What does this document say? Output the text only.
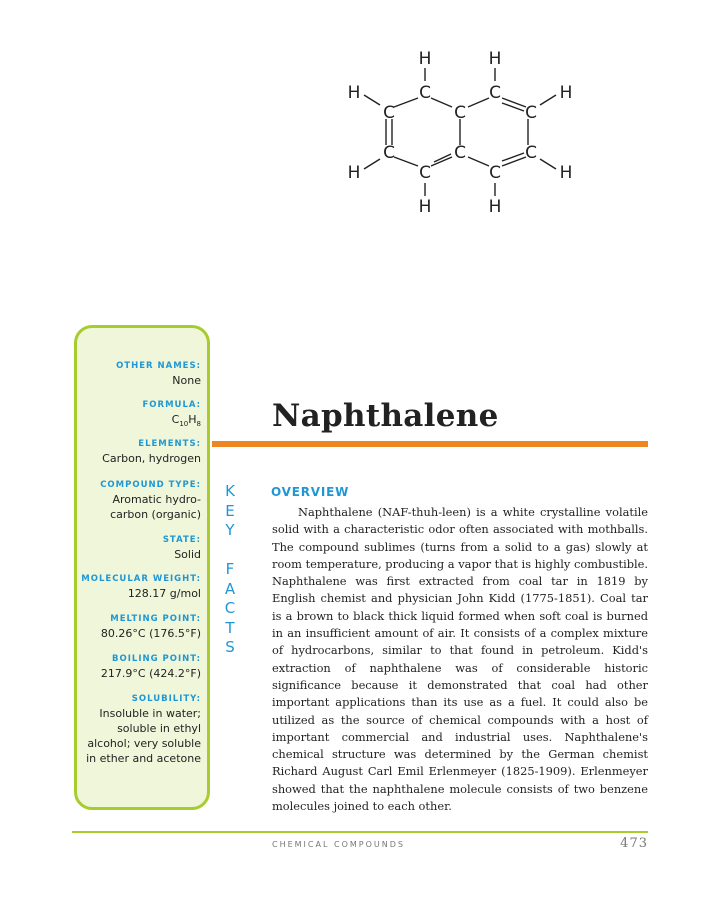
H	H
H	H
H	H
H	H
C	C
C	C	C
C	C	C
C	C
OTHER NAMES:
None
FORMULA:
$C_{10}H_8$
ELEMENTS:
Carbon, hydrogen
COMPOUND TYPE:
Aromatic hydro-
carbon (organic)
STATE:
Solid
MOLECULAR WEIGHT:
128.17 g/mol
MELTING POINT:
80.26°C (176.5°F)
BOILING POINT:
217.9°C (424.2°F)
SOLUBILITY:
Insoluble in water;
soluble in ethyl
alcohol; very soluble
in ether and acetone
K
E
Y

F
A
C
T
S
Naphthalene
OVERVIEW

Naphthalene (NAF-thuh-leen) is a white crystalline volatile solid with a characteristic odor often associated with mothballs. The compound sublimes (turns from a solid to a gas) slowly at room temperature, producing a vapor that is highly combustible. Naphthalene was first extracted from coal tar in 1819 by English chemist and physician John Kidd (1775-1851). Coal tar is a brown to black thick liquid formed when soft coal is burned in an insufficient amount of air. It consists of a complex mixture of hydrocarbons, similar to that found in petroleum. Kidd's extraction of naphthalene was of considerable historic significance because it demonstrated that coal had other important applications than its use as a fuel. It could also be utilized as the source of chemical compounds with a host of important commercial and industrial uses. Naphthalene's chemical structure was determined by the German chemist Richard August Carl Emil Erlenmeyer (1825-1909). Erlenmeyer showed that the naphthalene molecule consists of two benzene molecules joined to each other.

CHEMICAL COMPOUNDS	473
